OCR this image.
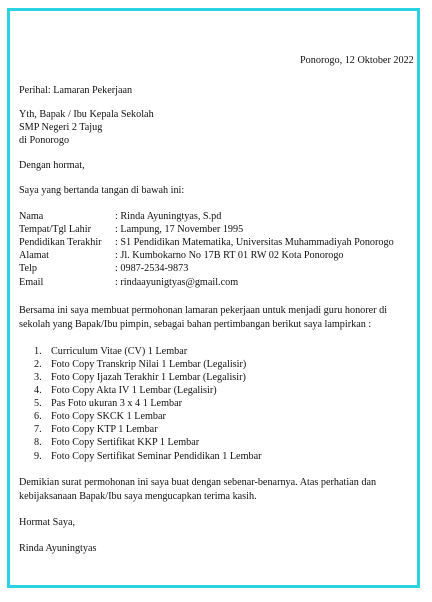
Ponorogo, 12 Oktober 2022
Perihal: Lamaran Pekerjaan
Yth, Bapak / Ibu Kepala Sekolah
SMP Negeri 2 Tajug
di Ponorogo
Dengan hormat,
Saya yang bertanda tangan di bawah ini:
Nama	: Rinda Ayuningtyas, S.pd
Tempat/Tgl Lahir : Lampung, 17 November 1995
Pendidikan Terakhir : S1 Pendidikan Matematika, Universitas Muhammadiyah Ponorogo
Alamat	: Jl. Kumbokarno No 17B RT 01 RW 02 Kota Ponorogo
Telp	: 0987-2534-9873
Email	: rindaayunigtyas@gmail.com
Bersama ini saya membuat permohonan lamaran pekerjaan untuk menjadi guru honorer di
sekolah yang Bapak/Ibu pimpin, sebagai bahan pertimbangan berikut saya lampirkan :
1. Curriculum Vitae (CV) 1 Lembar
2. Foto Copy Transkrip Nilai 1 Lembar (Legalisir)
3. Foto Copy Ijazah Terakhir 1 Lembar (Legalisir)
4. Foto Copy Akta IV 1 Lembar (Legalisir)
5. Pas Foto ukuran 3 x 4 1 Lembar
6. Foto Copy SKCK 1 Lembar
7. Foto Copy KTP 1 Lembar
8. Foto Copy Sertifikat KKP 1 Lembar
9. Foto Copy Sertifikat Seminar Pendidikan 1 Lembar
Demikian surat permohonan ini saya buat dengan sebenar-benarnya. Atas perhatian dan
kebijaksanaan Bapak/Ibu saya mengucapkan terima kasih.
Hormat Saya,
Rinda Ayuningtyas
